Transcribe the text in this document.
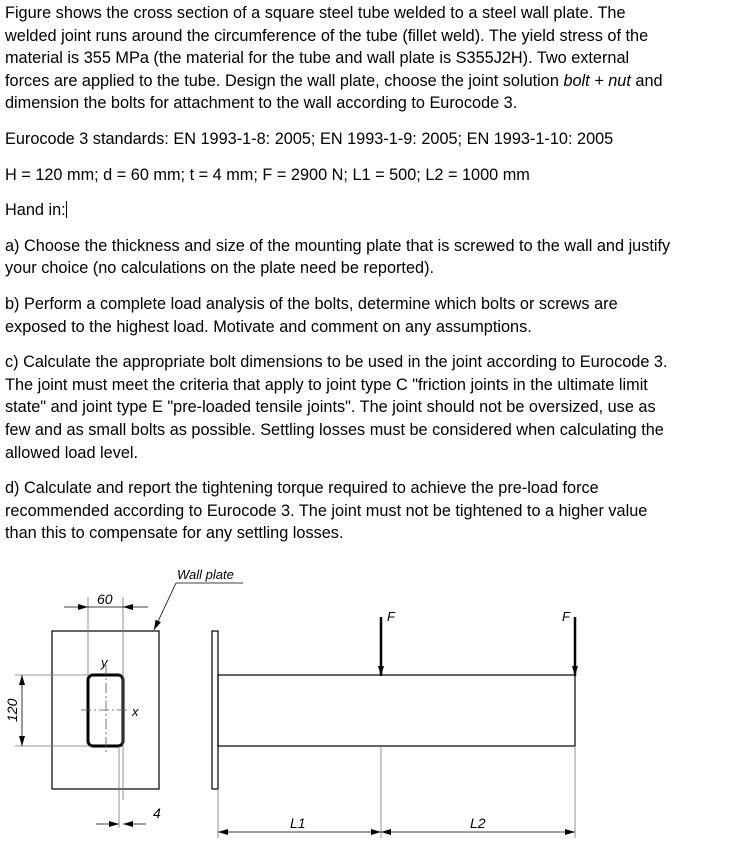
Figure shows the cross section of a square steel tube welded to a steel wall plate. The
welded joint runs around the circumference of the tube (fillet weld). The yield stress of the
material is 355 MPa (the material for the tube and wall plate is S355J2H). Two external
forces are applied to the tube. Design the wall plate, choose the joint solution bolt + nut and
dimension the bolts for attachment to the wall according to Eurocode 3.
Eurocode 3 standards: EN 1993-1-8: 2005; EN 1993-1-9: 2005; EN 1993-1-10: 2005
H = 120 mm; d = 60 mm; t = 4 mm; F = 2900 N; L1 = 500; L2 = 1000 mm
Hand in:
a) Choose the thickness and size of the mounting plate that is screwed to the wall and justify
your choice (no calculations on the plate need be reported).
b) Perform a complete load analysis of the bolts, determine which bolts or screws are
exposed to the highest load. Motivate and comment on any assumptions.
c) Calculate the appropriate bolt dimensions to be used in the joint according to Eurocode 3.
The joint must meet the criteria that apply to joint type C "friction joints in the ultimate limit
state" and joint type E "pre-loaded tensile joints". The joint should not be oversized, use as
few and as small bolts as possible. Settling losses must be considered when calculating the
allowed load level.
d) Calculate and report the tightening torque required to achieve the pre-load force
recommended according to Eurocode 3. The joint must not be tightened to a higher value
than this to compensate for any settling losses.
y
x
60
120
4
Wall plate
F	F
L1	L2
